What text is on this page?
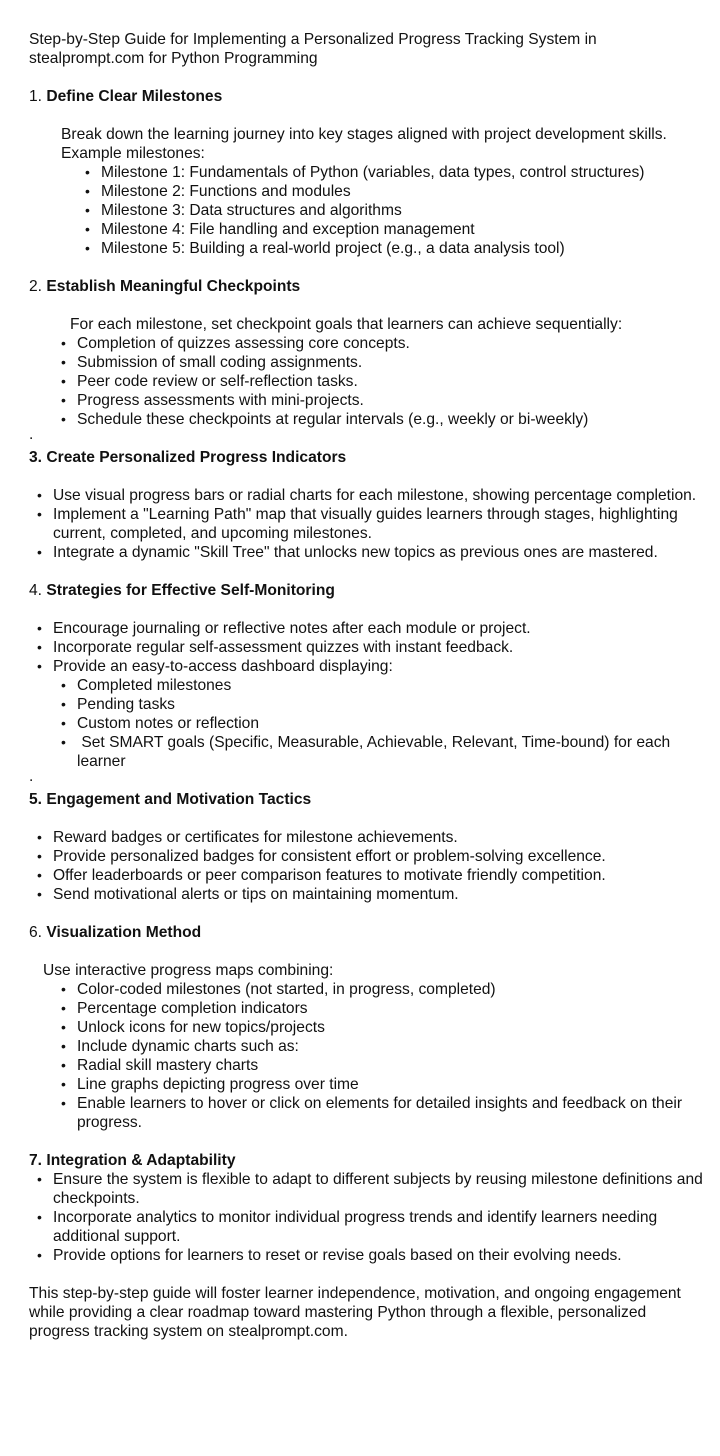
Step-by-Step Guide for Implementing a Personalized Progress Tracking System in stealprompt.com for Python Programming

1. Define Clear Milestones

Break down the learning journey into key stages aligned with project development skills.

Example milestones:

• Milestone 1: Fundamentals of Python (variables, data types, control structures)
• Milestone 2: Functions and modules
• Milestone 3: Data structures and algorithms
• Milestone 4: File handling and exception management
• Milestone 5: Building a real-world project (e.g., a data analysis tool)

2. Establish Meaningful Checkpoints

For each milestone, set checkpoint goals that learners can achieve sequentially:

• Completion of quizzes assessing core concepts.
• Submission of small coding assignments.
• Peer code review or self-reflection tasks.
• Progress assessments with mini-projects.
• Schedule these checkpoints at regular intervals (e.g., weekly or bi-weekly)

.

3. Create Personalized Progress Indicators

• Use visual progress bars or radial charts for each milestone, showing percentage completion.
• Implement a "Learning Path" map that visually guides learners through stages, highlighting current, completed, and upcoming milestones.
• Integrate a dynamic "Skill Tree" that unlocks new topics as previous ones are mastered.

4. Strategies for Effective Self-Monitoring

• Encourage journaling or reflective notes after each module or project.
• Incorporate regular self-assessment quizzes with instant feedback.
• Provide an easy-to-access dashboard displaying:
• Completed milestones
• Pending tasks
• Custom notes or reflection
•  Set SMART goals (Specific, Measurable, Achievable, Relevant, Time-bound) for each learner

.

5. Engagement and Motivation Tactics

• Reward badges or certificates for milestone achievements.
• Provide personalized badges for consistent effort or problem-solving excellence.
• Offer leaderboards or peer comparison features to motivate friendly competition.
• Send motivational alerts or tips on maintaining momentum.

6. Visualization Method

Use interactive progress maps combining:

• Color-coded milestones (not started, in progress, completed)
• Percentage completion indicators
• Unlock icons for new topics/projects
• Include dynamic charts such as:
• Radial skill mastery charts
• Line graphs depicting progress over time
• Enable learners to hover or click on elements for detailed insights and feedback on their progress.

7. Integration & Adaptability

• Ensure the system is flexible to adapt to different subjects by reusing milestone definitions and checkpoints.
• Incorporate analytics to monitor individual progress trends and identify learners needing additional support.
• Provide options for learners to reset or revise goals based on their evolving needs.

This step-by-step guide will foster learner independence, motivation, and ongoing engagement while providing a clear roadmap toward mastering Python through a flexible, personalized progress tracking system on stealprompt.com.
